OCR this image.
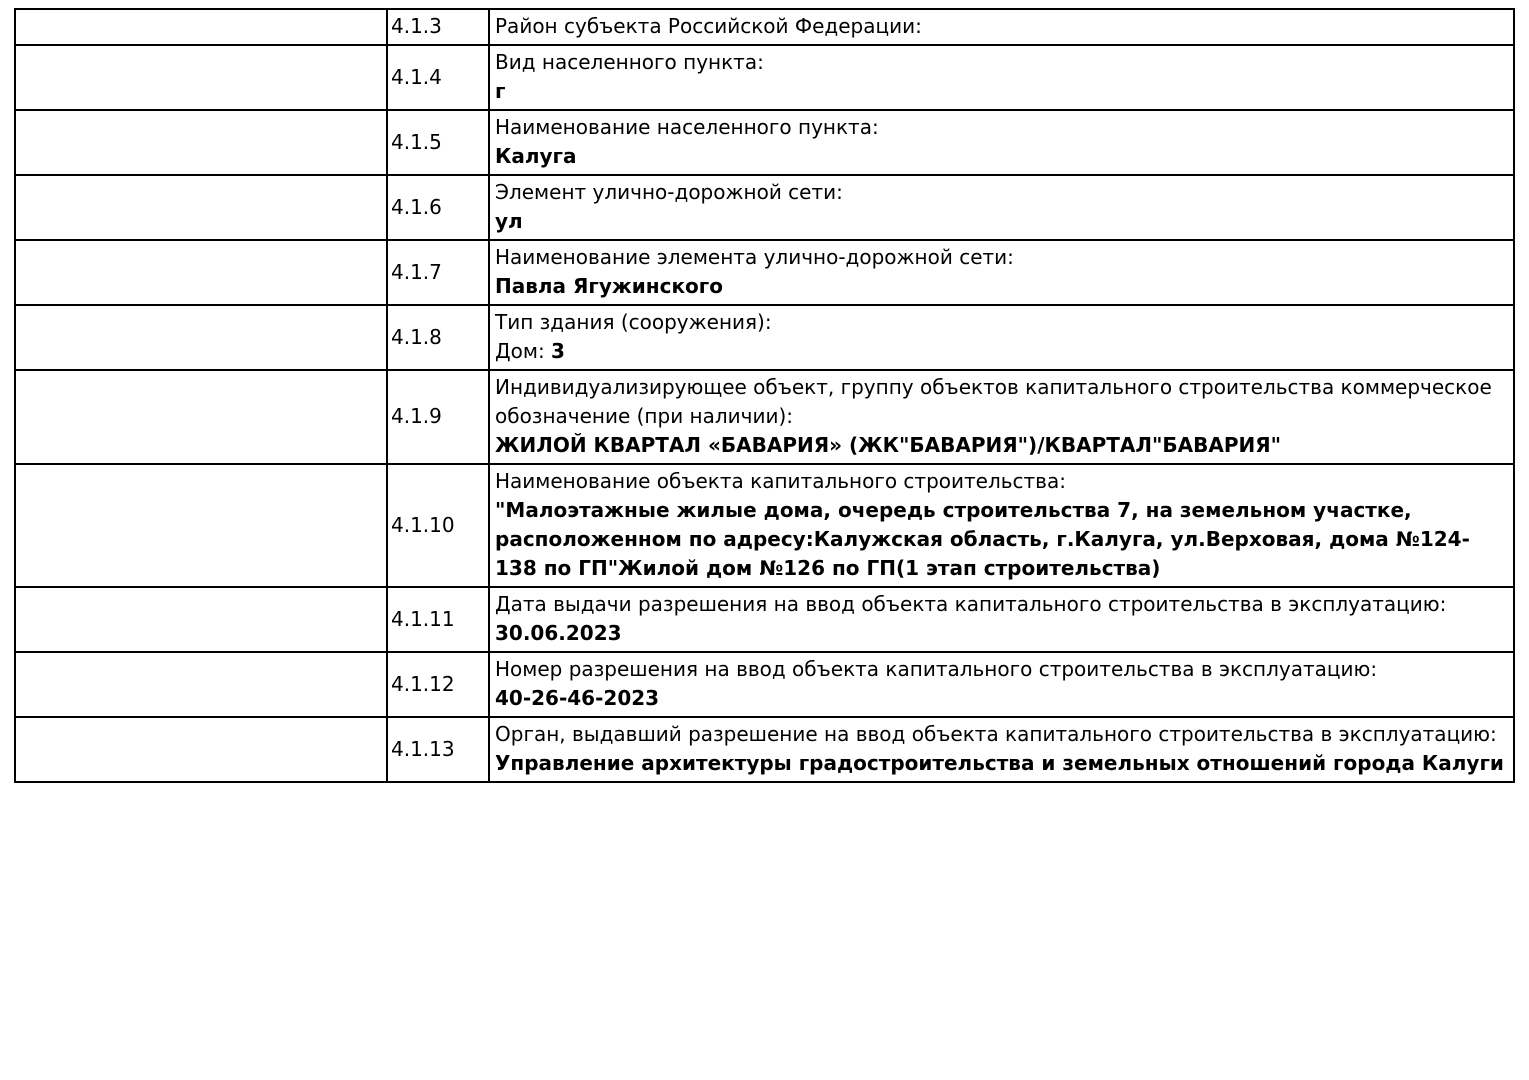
	4.1.3	Район субъекта Российской Федерации:

	4.1.4	Вид населенного пункта:
г

	4.1.5	Наименование населенного пункта:
Калуга

	4.1.6	Элемент улично-дорожной сети:
ул

	4.1.7	Наименование элемента улично-дорожной сети:
Павла Ягужинского

	4.1.8	Тип здания (сооружения):
Дом: 3

	4.1.9	Индивидуализирующее объект, группу объектов капитального строительства коммерческое обозначение (при наличии):
ЖИЛОЙ КВАРТАЛ «БАВАРИЯ» (ЖК"БАВАРИЯ")/КВАРТАЛ"БАВАРИЯ"

	4.1.10	Наименование объекта капитального строительства:
"Малоэтажные жилые дома, очередь строительства 7, на земельном участке, расположенном по адресу:Калужская область, г.Калуга, ул.Верховая, дома №124-138 по ГП"Жилой дом №126 по ГП(1 этап строительства)

	4.1.11	Дата выдачи разрешения на ввод объекта капитального строительства в эксплуатацию:
30.06.2023

	4.1.12	Номер разрешения на ввод объекта капитального строительства в эксплуатацию:
40-26-46-2023

	4.1.13	Орган, выдавший разрешение на ввод объекта капитального строительства в эксплуатацию:
Управление архитектуры градостроительства и земельных отношений города Калуги
